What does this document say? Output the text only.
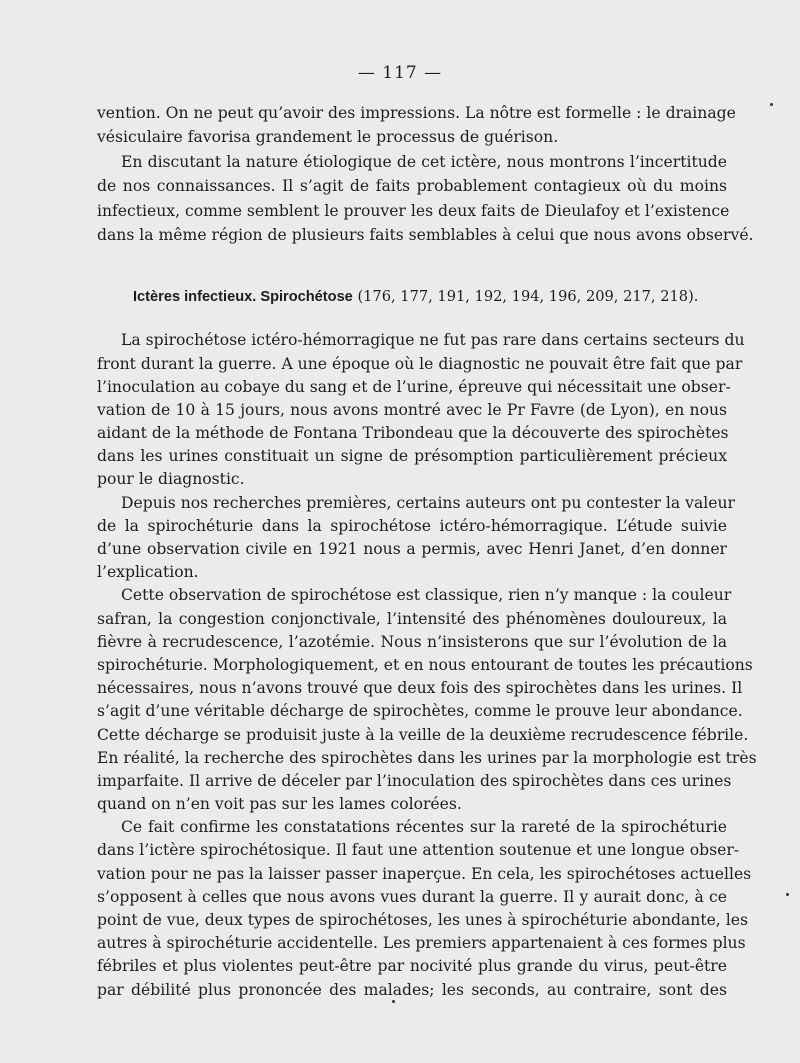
— 117 —
vention. On ne peut qu’avoir des impressions. La nôtre est formelle : le drainage
vésiculaire favorisa grandement le processus de guérison.
En discutant la nature étiologique de cet ictère, nous montrons l’incertitude
de nos connaissances. Il s’agit de faits probablement contagieux où du moins
infectieux, comme semblent le prouver les deux faits de Dieulafoy et l’existence
dans la même région de plusieurs faits semblables à celui que nous avons observé.
Ictères infectieux. Spirochétose (176, 177, 191, 192, 194, 196, 209, 217, 218).
La spirochétose ictéro-hémorragique ne fut pas rare dans certains secteurs du
front durant la guerre. A une époque où le diagnostic ne pouvait être fait que par
l’inoculation au cobaye du sang et de l’urine, épreuve qui nécessitait une obser-
vation de 10 à 15 jours, nous avons montré avec le Pr Favre (de Lyon), en nous
aidant de la méthode de Fontana Tribondeau que la découverte des spirochètes
dans les urines constituait un signe de présomption particulièrement précieux
pour le diagnostic.
Depuis nos recherches premières, certains auteurs ont pu contester la valeur
de la spirochéturie dans la spirochétose ictéro-hémorragique. L’étude suivie
d’une observation civile en 1921 nous a permis, avec Henri Janet, d’en donner
l’explication.
Cette observation de spirochétose est classique, rien n’y manque : la couleur
safran, la congestion conjonctivale, l’intensité des phénomènes douloureux, la
fièvre à recrudescence, l’azotémie. Nous n’insisterons que sur l’évolution de la
spirochéturie. Morphologiquement, et en nous entourant de toutes les précautions
nécessaires, nous n’avons trouvé que deux fois des spirochètes dans les urines. Il
s’agit d’une véritable décharge de spirochètes, comme le prouve leur abondance.
Cette décharge se produisit juste à la veille de la deuxième recrudescence fébrile.
En réalité, la recherche des spirochètes dans les urines par la morphologie est très
imparfaite. Il arrive de déceler par l’inoculation des spirochètes dans ces urines
quand on n’en voit pas sur les lames colorées.
Ce fait confirme les constatations récentes sur la rareté de la spirochéturie
dans l’ictère spirochétosique. Il faut une attention soutenue et une longue obser-
vation pour ne pas la laisser passer inaperçue. En cela, les spirochétoses actuelles
s’opposent à celles que nous avons vues durant la guerre. Il y aurait donc, à ce
point de vue, deux types de spirochétoses, les unes à spirochéturie abondante, les
autres à spirochéturie accidentelle. Les premiers appartenaient à ces formes plus
fébriles et plus violentes peut-être par nocivité plus grande du virus, peut-être
par débilité plus prononcée des malades; les seconds, au contraire, sont des
